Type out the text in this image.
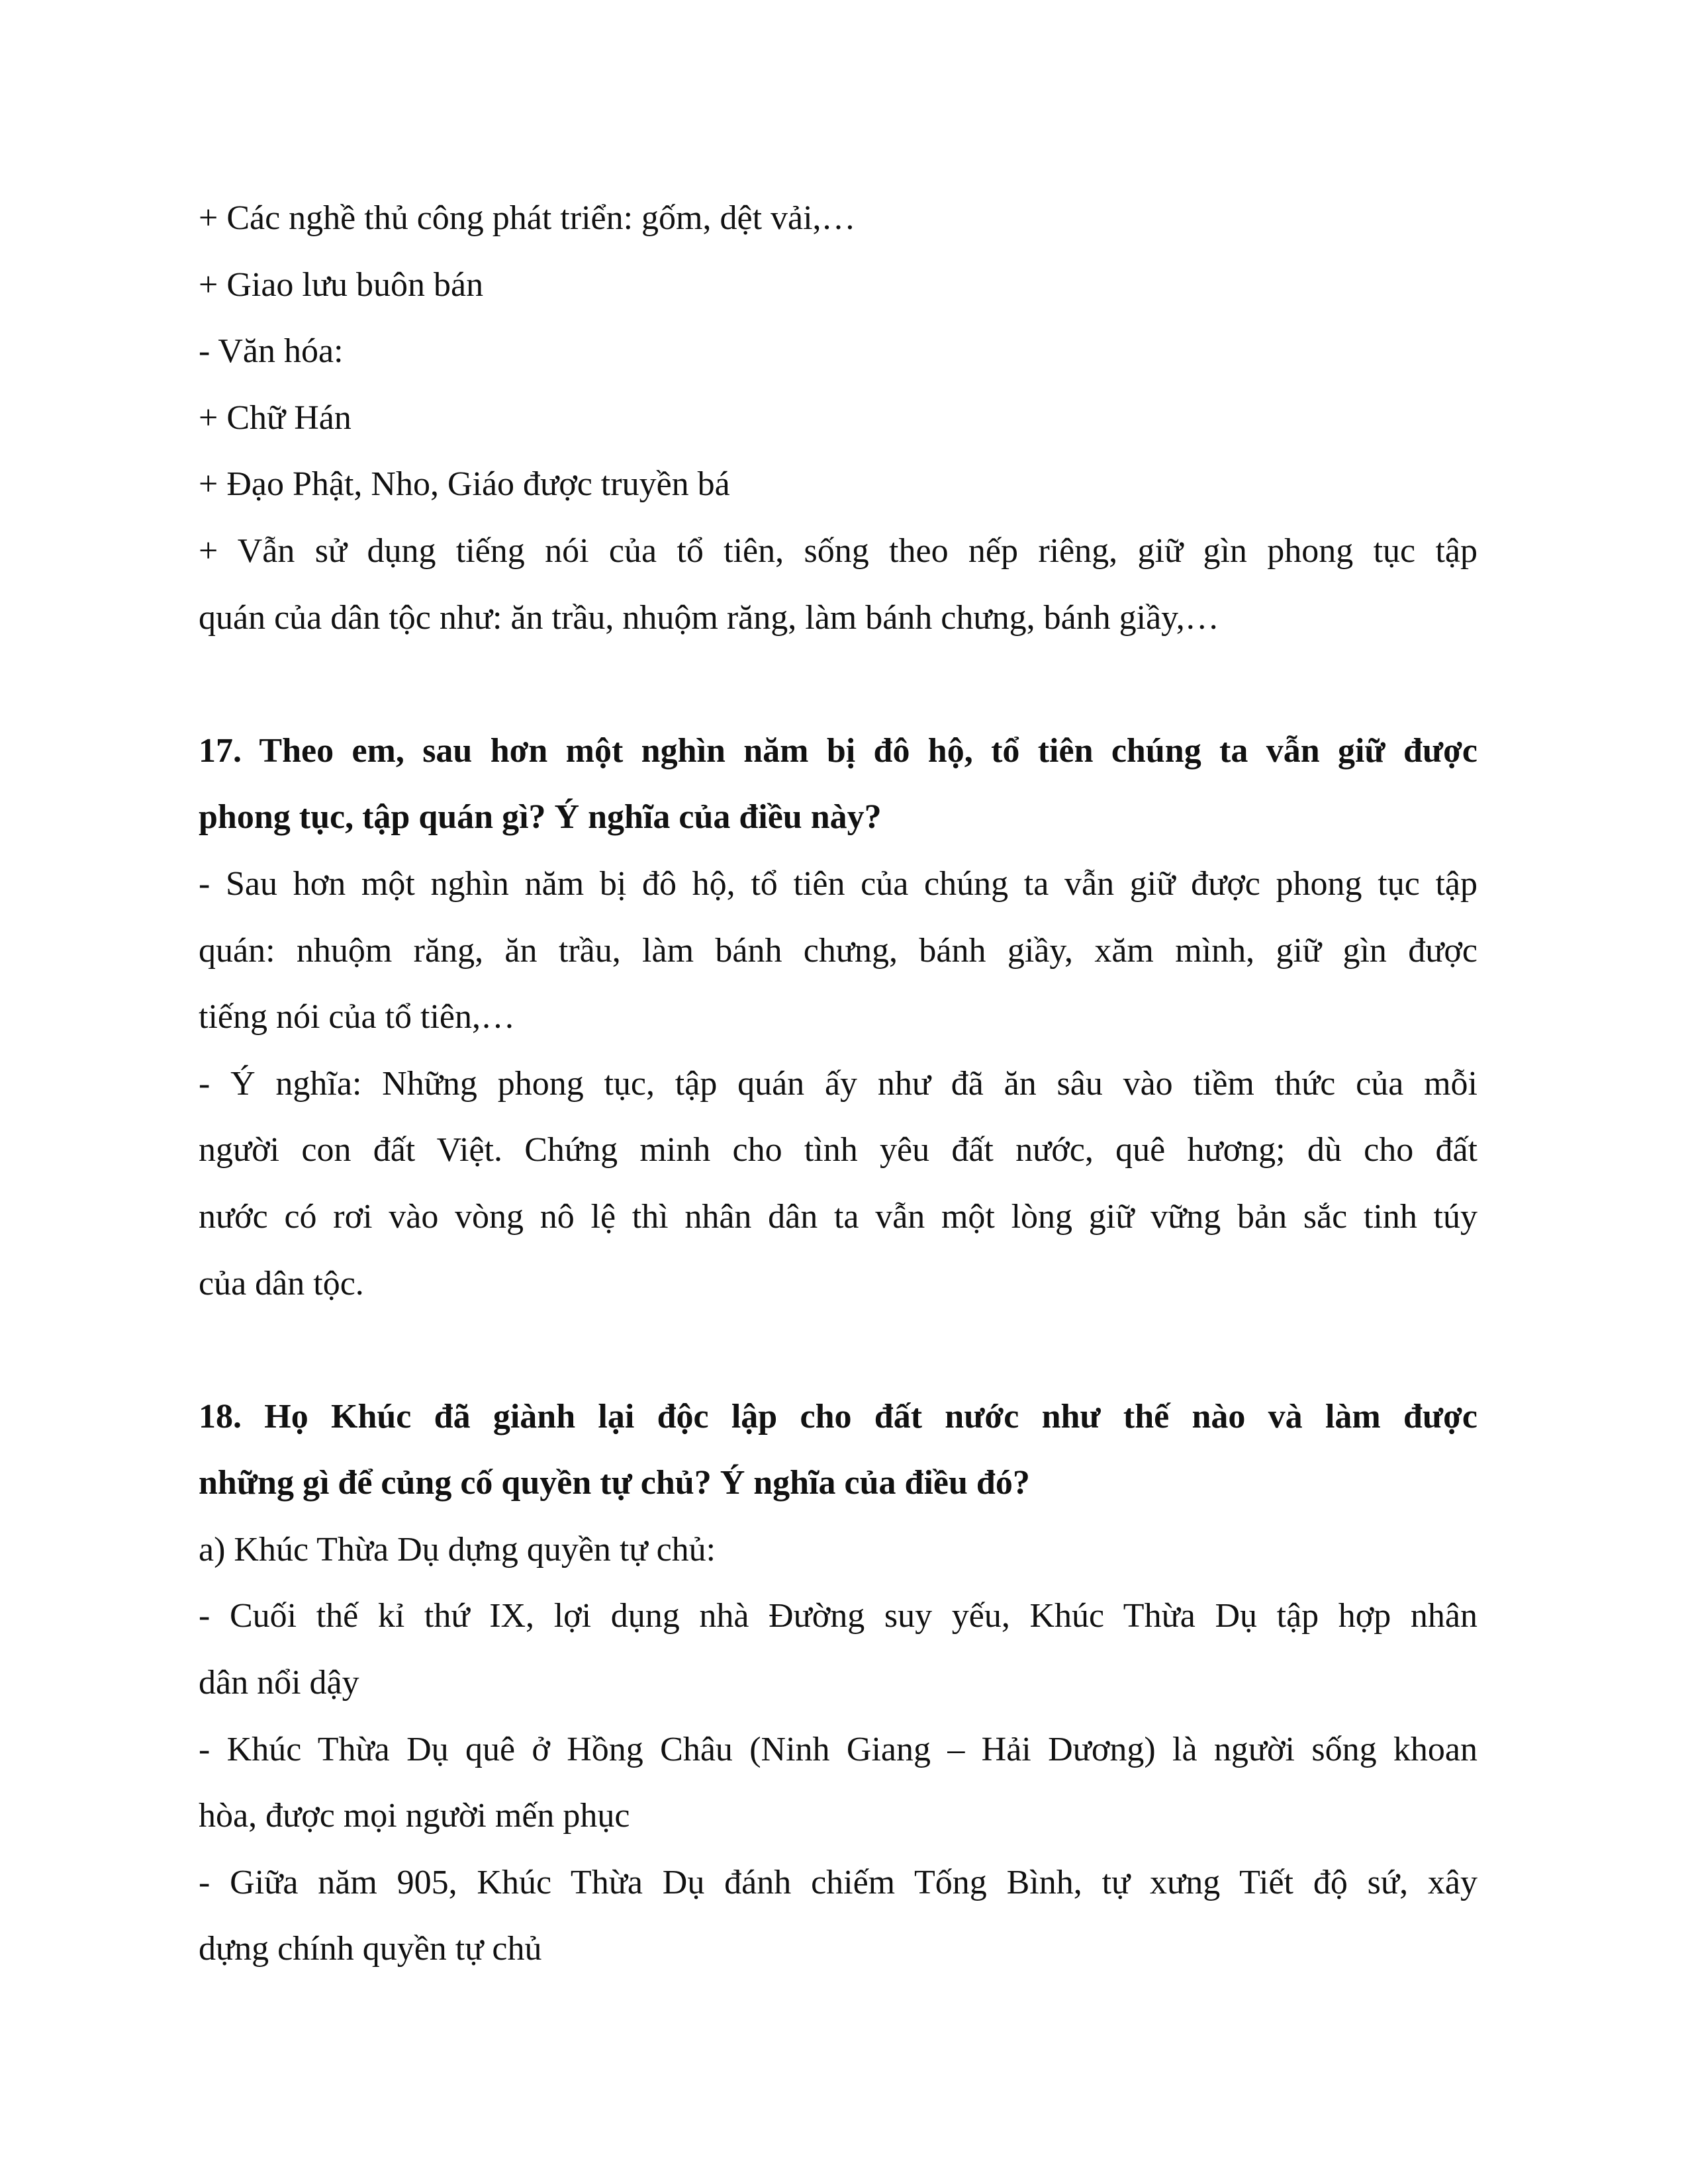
+ Các nghề thủ công phát triển: gốm, dệt vải,…
+ Giao lưu buôn bán
- Văn hóa:
+ Chữ Hán
+ Đạo Phật, Nho, Giáo được truyền bá
+ Vẫn sử dụng tiếng nói của tổ tiên, sống theo nếp riêng, giữ gìn phong tục tập
quán của dân tộc như: ăn trầu, nhuộm răng, làm bánh chưng, bánh giầy,…
17. Theo em, sau hơn một nghìn năm bị đô hộ, tổ tiên chúng ta vẫn giữ được
phong tục, tập quán gì? Ý nghĩa của điều này?
- Sau hơn một nghìn năm bị đô hộ, tổ tiên của chúng ta vẫn giữ được phong tục tập
quán: nhuộm răng, ăn trầu, làm bánh chưng, bánh giầy, xăm mình, giữ gìn được
tiếng nói của tổ tiên,…
- Ý nghĩa: Những phong tục, tập quán ấy như đã ăn sâu vào tiềm thức của mỗi
người con đất Việt. Chứng minh cho tình yêu đất nước, quê hương; dù cho đất
nước có rơi vào vòng nô lệ thì nhân dân ta vẫn một lòng giữ vững bản sắc tinh túy
của dân tộc.
18. Họ Khúc đã giành lại độc lập cho đất nước như thế nào và làm được
những gì để củng cố quyền tự chủ? Ý nghĩa của điều đó?
a) Khúc Thừa Dụ dựng quyền tự chủ:
- Cuối thế kỉ thứ IX, lợi dụng nhà Đường suy yếu, Khúc Thừa Dụ tập hợp nhân
dân nổi dậy
- Khúc Thừa Dụ quê ở Hồng Châu (Ninh Giang – Hải Dương) là người sống khoan
hòa, được mọi người mến phục
- Giữa năm 905, Khúc Thừa Dụ đánh chiếm Tống Bình, tự xưng Tiết độ sứ, xây
dựng chính quyền tự chủ
